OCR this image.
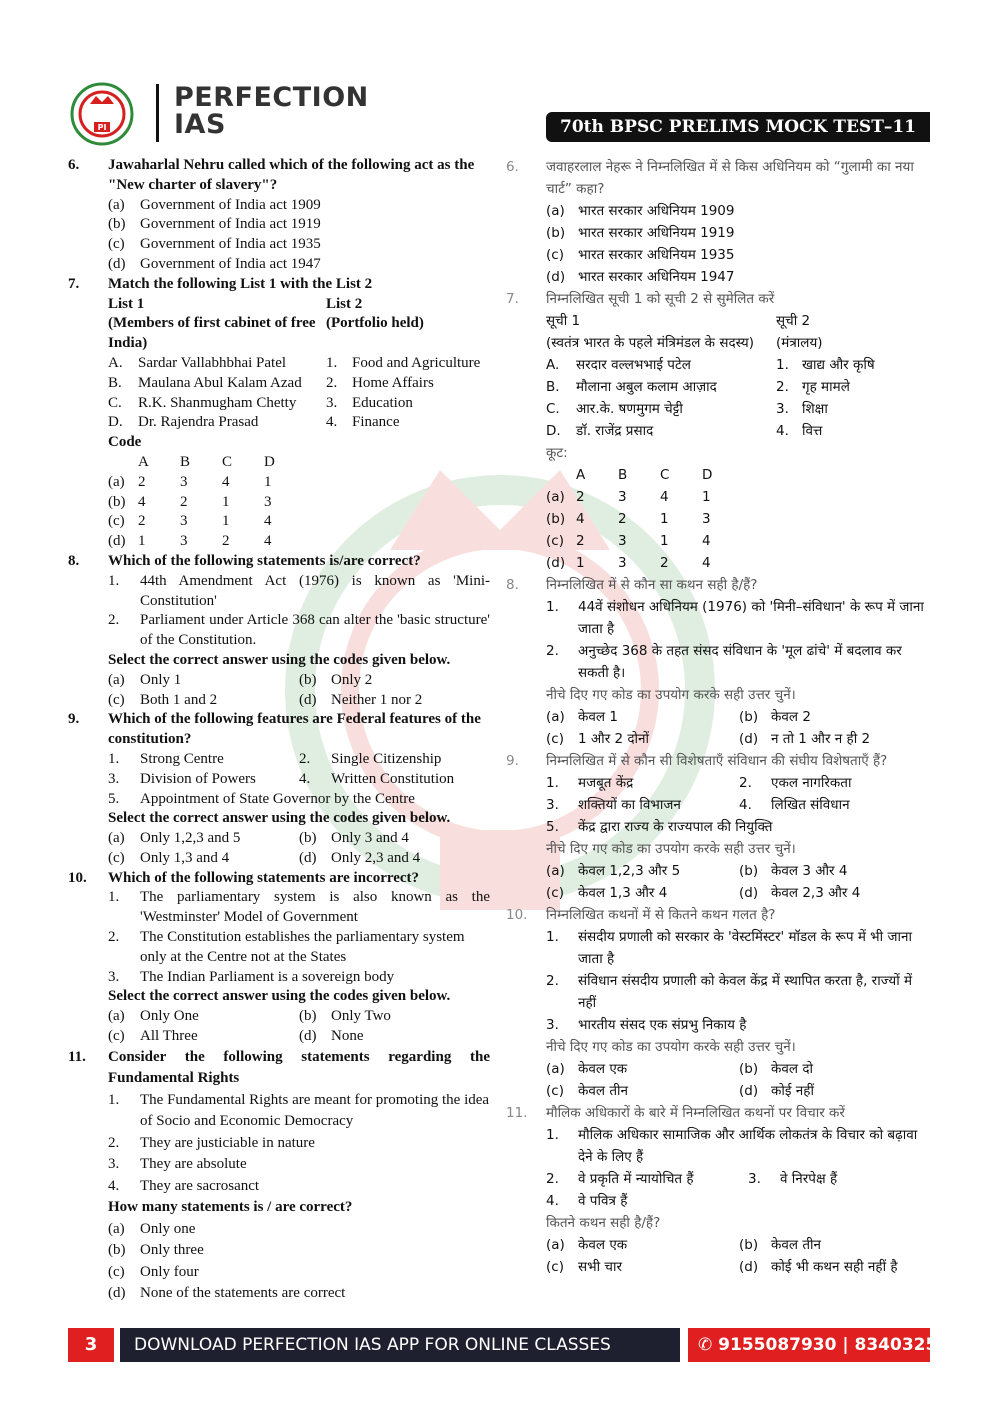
PI
PERFECTION
IAS	70th BPSC PRELIMS MOCK TEST–11
6.	Jawaharlal Nehru called which of the following act as the "New charter of slavery"?
(a)	Government of India act 1909
(b) Government of India act 1919
(c)	Government of India act 1935
(d) Government of India act 1947
7.	Match the following List 1 with the List 2
List 1	List 2
(Members of first cabinet of free India)
(Portfolio held)
A.	Sardar Vallabhbhai Patel	1. Food and Agriculture
B.	Maulana Abul Kalam Azad	2. Home Affairs
C.	R.K. Shanmugham Chetty	3. Education
D.	Dr. Rajendra Prasad	4. Finance
Code
A	B	C	D
(a) 2	3	4	1
(b) 4	2	1	3
(c) 2	3	1	4
(d) 1	3	2	4
8.	Which of the following statements is/are correct?
1.	44th Amendment Act (1976) is known as 'Mini-Constitution'
2.	Parliament under Article 368 can alter the 'basic structure' of the Constitution.
Select the correct answer using the codes given below.
(a)	Only 1	(b) Only 2
(c)	Both 1 and 2	(d) Neither 1 nor 2
9.	Which of the following features are Federal features of the constitution?
1.	Strong Centre	2.	Single Citizenship
3.	Division of Powers	4.	Written Constitution
5.	Appointment of State Governor by the Centre
Select the correct answer using the codes given below.
(a)	Only 1,2,3 and 5	(b) Only 3 and 4
(c)	Only 1,3 and 4	(d) Only 2,3 and 4
10.	Which of the following statements are incorrect?
1.	The parliamentary system is also known as the 'Westminster' Model of Government
2.	The Constitution establishes the parliamentary system only at the Centre not at the States
3.	The Indian Parliament is a sovereign body
Select the correct answer using the codes given below.
(a)	Only One	(b) Only Two
(c)	All Three	(d) None
11.	Consider the following statements regarding the Fundamental Rights
1.	The Fundamental Rights are meant for promoting the idea of Socio and Economic Democracy
2.	They are justiciable in nature
3.	They are absolute
4.	They are sacrosanct
How many statements is / are correct?
(a)	Only one
(b) Only three
(c)	Only four
(d) None of the statements are correct
6.	जवाहरलाल नेहरू ने निम्नलिखित में से किस अधिनियम को “गुलामी का नया चार्ट” कहा?
(a) भारत सरकार अधिनियम 1909
(b) भारत सरकार अधिनियम 1919
(c)	भारत सरकार अधिनियम 1935
(d) भारत सरकार अधिनियम 1947
7.	निम्नलिखित सूची 1 को सूची 2 से सुमेलित करें
सूची 1	सूची 2
(स्वतंत्र भारत के पहले मंत्रिमंडल के सदस्य)	(मंत्रालय)
A.	सरदार वल्लभभाई पटेल	1. खाद्य और कृषि
B.	मौलाना अबुल कलाम आज़ाद	2. गृह मामले
C.	आर.के. षणमुगम चेट्टी	3. शिक्षा
D.	डॉ. राजेंद्र प्रसाद	4. वित्त
कूट:
A	B	C	D
(a) 2	3	4	1
(b) 4	2	1	3
(c) 2	3	1	4
(d) 1	3	2	4
8.	निम्नलिखित में से कौन सा कथन सही है/हैं?
1.	44वें संशोधन अधिनियम (1976) को 'मिनी–संविधान' के रूप में जाना जाता है
2.	अनुच्छेद 368 के तहत संसद संविधान के 'मूल ढांचे' में बदलाव कर सकती है।
नीचे दिए गए कोड का उपयोग करके सही उत्तर चुनें।
(a) केवल 1	(b) केवल 2
(c)	1 और 2 दोनों	(d) न तो 1 और न ही 2
9.	निम्नलिखित में से कौन सी विशेषताएँ संविधान की संघीय विशेषताएँ हैं?
1.	मजबूत केंद्र	2.	एकल नागरिकता
3.	शक्तियों का विभाजन	4.	लिखित संविधान
5.	केंद्र द्वारा राज्य के राज्यपाल की नियुक्ति
नीचे दिए गए कोड का उपयोग करके सही उत्तर चुनें।
(a) केवल 1,2,3 और 5	(b) केवल 3 और 4
(c)	केवल 1,3 और 4	(d) केवल 2,3 और 4
10.	निम्नलिखित कथनों में से कितने कथन गलत है?
1.	संसदीय प्रणाली को सरकार के 'वेस्टमिंस्टर' मॉडल के रूप में भी जाना जाता है
2.	संविधान संसदीय प्रणाली को केवल केंद्र में स्थापित करता है, राज्यों में नहीं
3.	भारतीय संसद एक संप्रभु निकाय है
नीचे दिए गए कोड का उपयोग करके सही उत्तर चुनें।
(a) केवल एक	(b) केवल दो
(c)	केवल तीन	(d) कोई नहीं
11.	मौलिक अधिकारों के बारे में निम्नलिखित कथनों पर विचार करें
1.	मौलिक अधिकार सामाजिक और आर्थिक लोकतंत्र के विचार को बढ़ावा देने के लिए हैं
2.	वे प्रकृति में न्यायोचित हैं	3.	वे निरपेक्ष हैं
4.	वे पवित्र हैं
कितने कथन सही है/हैं?
(a) केवल एक	(b) केवल तीन
(c)	सभी चार	(d) कोई भी कथन सही नहीं है
3	DOWNLOAD PERFECTION IAS APP FOR ONLINE CLASSES	✆ 9155087930 | 8340325079
